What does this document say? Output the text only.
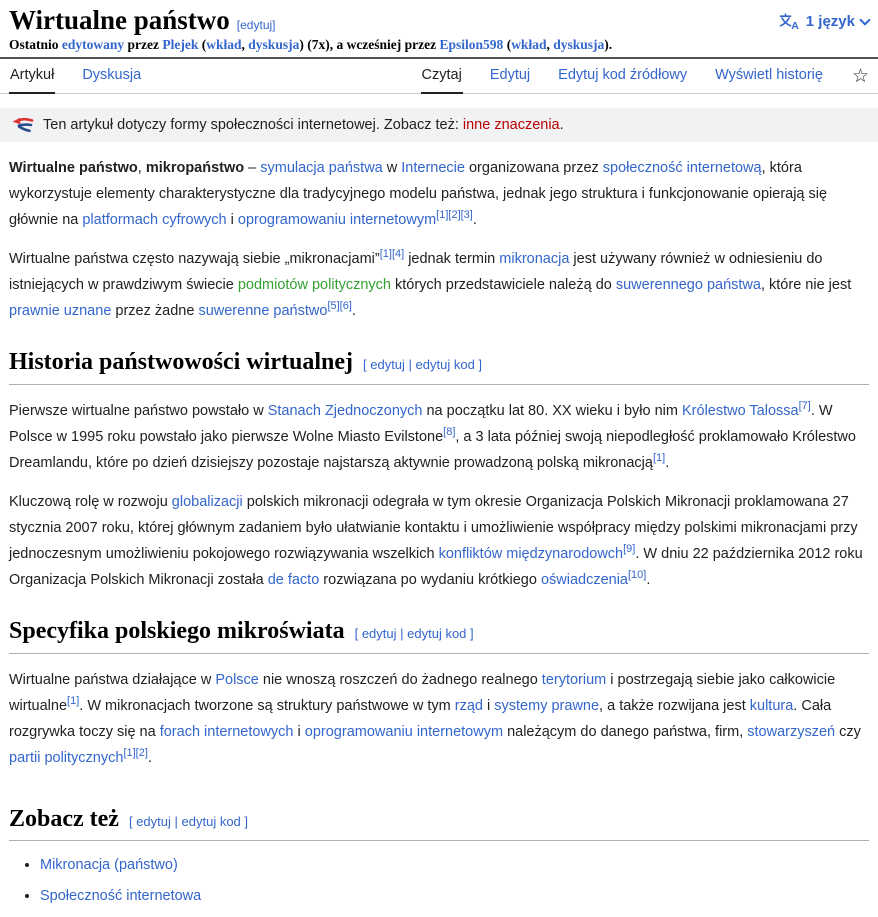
Wirtualne państwo [edytuj]	A 1 język
Ostatnio edytowany przez Plejek (wkład, dyskusja) (7x), a wcześniej przez Epsilon598 (wkład, dyskusja).
Artykuł Dyskusja	Czytaj Edytuj Edytuj kod źródłowy Wyświetl historię ☆
Ten artykuł dotyczy formy społeczności internetowej. Zobacz też: inne znaczenia.

Wirtualne państwo, mikropaństwo – symulacja państwa w Internecie organizowana przez społeczność internetową, która wykorzystuje elementy charakterystyczne dla tradycyjnego modelu państwa, jednak jego struktura i funkcjonowanie opierają się głównie na platformach cyfrowych i oprogramowaniu internetowym[1][2][3].

Wirtualne państwa często nazywają siebie „mikronacjami”[1][4] jednak termin mikronacja jest używany również w odniesieniu do istniejących w prawdziwym świecie podmiotów politycznych których przedstawiciele należą do suwerennego państwa, które nie jest prawnie uznane przez żadne suwerenne państwo[5][6].

Historia państwowości wirtualnej [ edytuj | edytuj kod ]

Pierwsze wirtualne państwo powstało w Stanach Zjednoczonych na początku lat 80. XX wieku i było nim Królestwo Talossa[7]. W Polsce w 1995 roku powstało jako pierwsze Wolne Miasto Evilstone[8], a 3 lata później swoją niepodległość proklamowało Królestwo Dreamlandu, które po dzień dzisiejszy pozostaje najstarszą aktywnie prowadzoną polską mikronacją[1].

Kluczową rolę w rozwoju globalizacji polskich mikronacji odegrała w tym okresie Organizacja Polskich Mikronacji proklamowana 27 stycznia 2007 roku, której głównym zadaniem było ułatwianie kontaktu i umożliwienie współpracy między polskimi mikronacjami przy jednoczesnym umożliwieniu pokojowego rozwiązywania wszelkich konfliktów międzynarodowch[9]. W dniu 22 października 2012 roku Organizacja Polskich Mikronacji została de facto rozwiązana po wydaniu krótkiego oświadczenia[10].

Specyfika polskiego mikroświata [ edytuj | edytuj kod ]

Wirtualne państwa działające w Polsce nie wnoszą roszczeń do żadnego realnego terytorium i postrzegają siebie jako całkowicie wirtualne[1]. W mikronacjach tworzone są struktury państwowe w tym rząd i systemy prawne, a także rozwijana jest kultura. Cała rozgrywka toczy się na forach internetowych i oprogramowaniu internetowym należącym do danego państwa, firm, stowarzyszeń czy partii politycznych[1][2].

Zobacz też [ edytuj | edytuj kod ]
• Mikronacja (państwo)
• Społeczność internetowa
